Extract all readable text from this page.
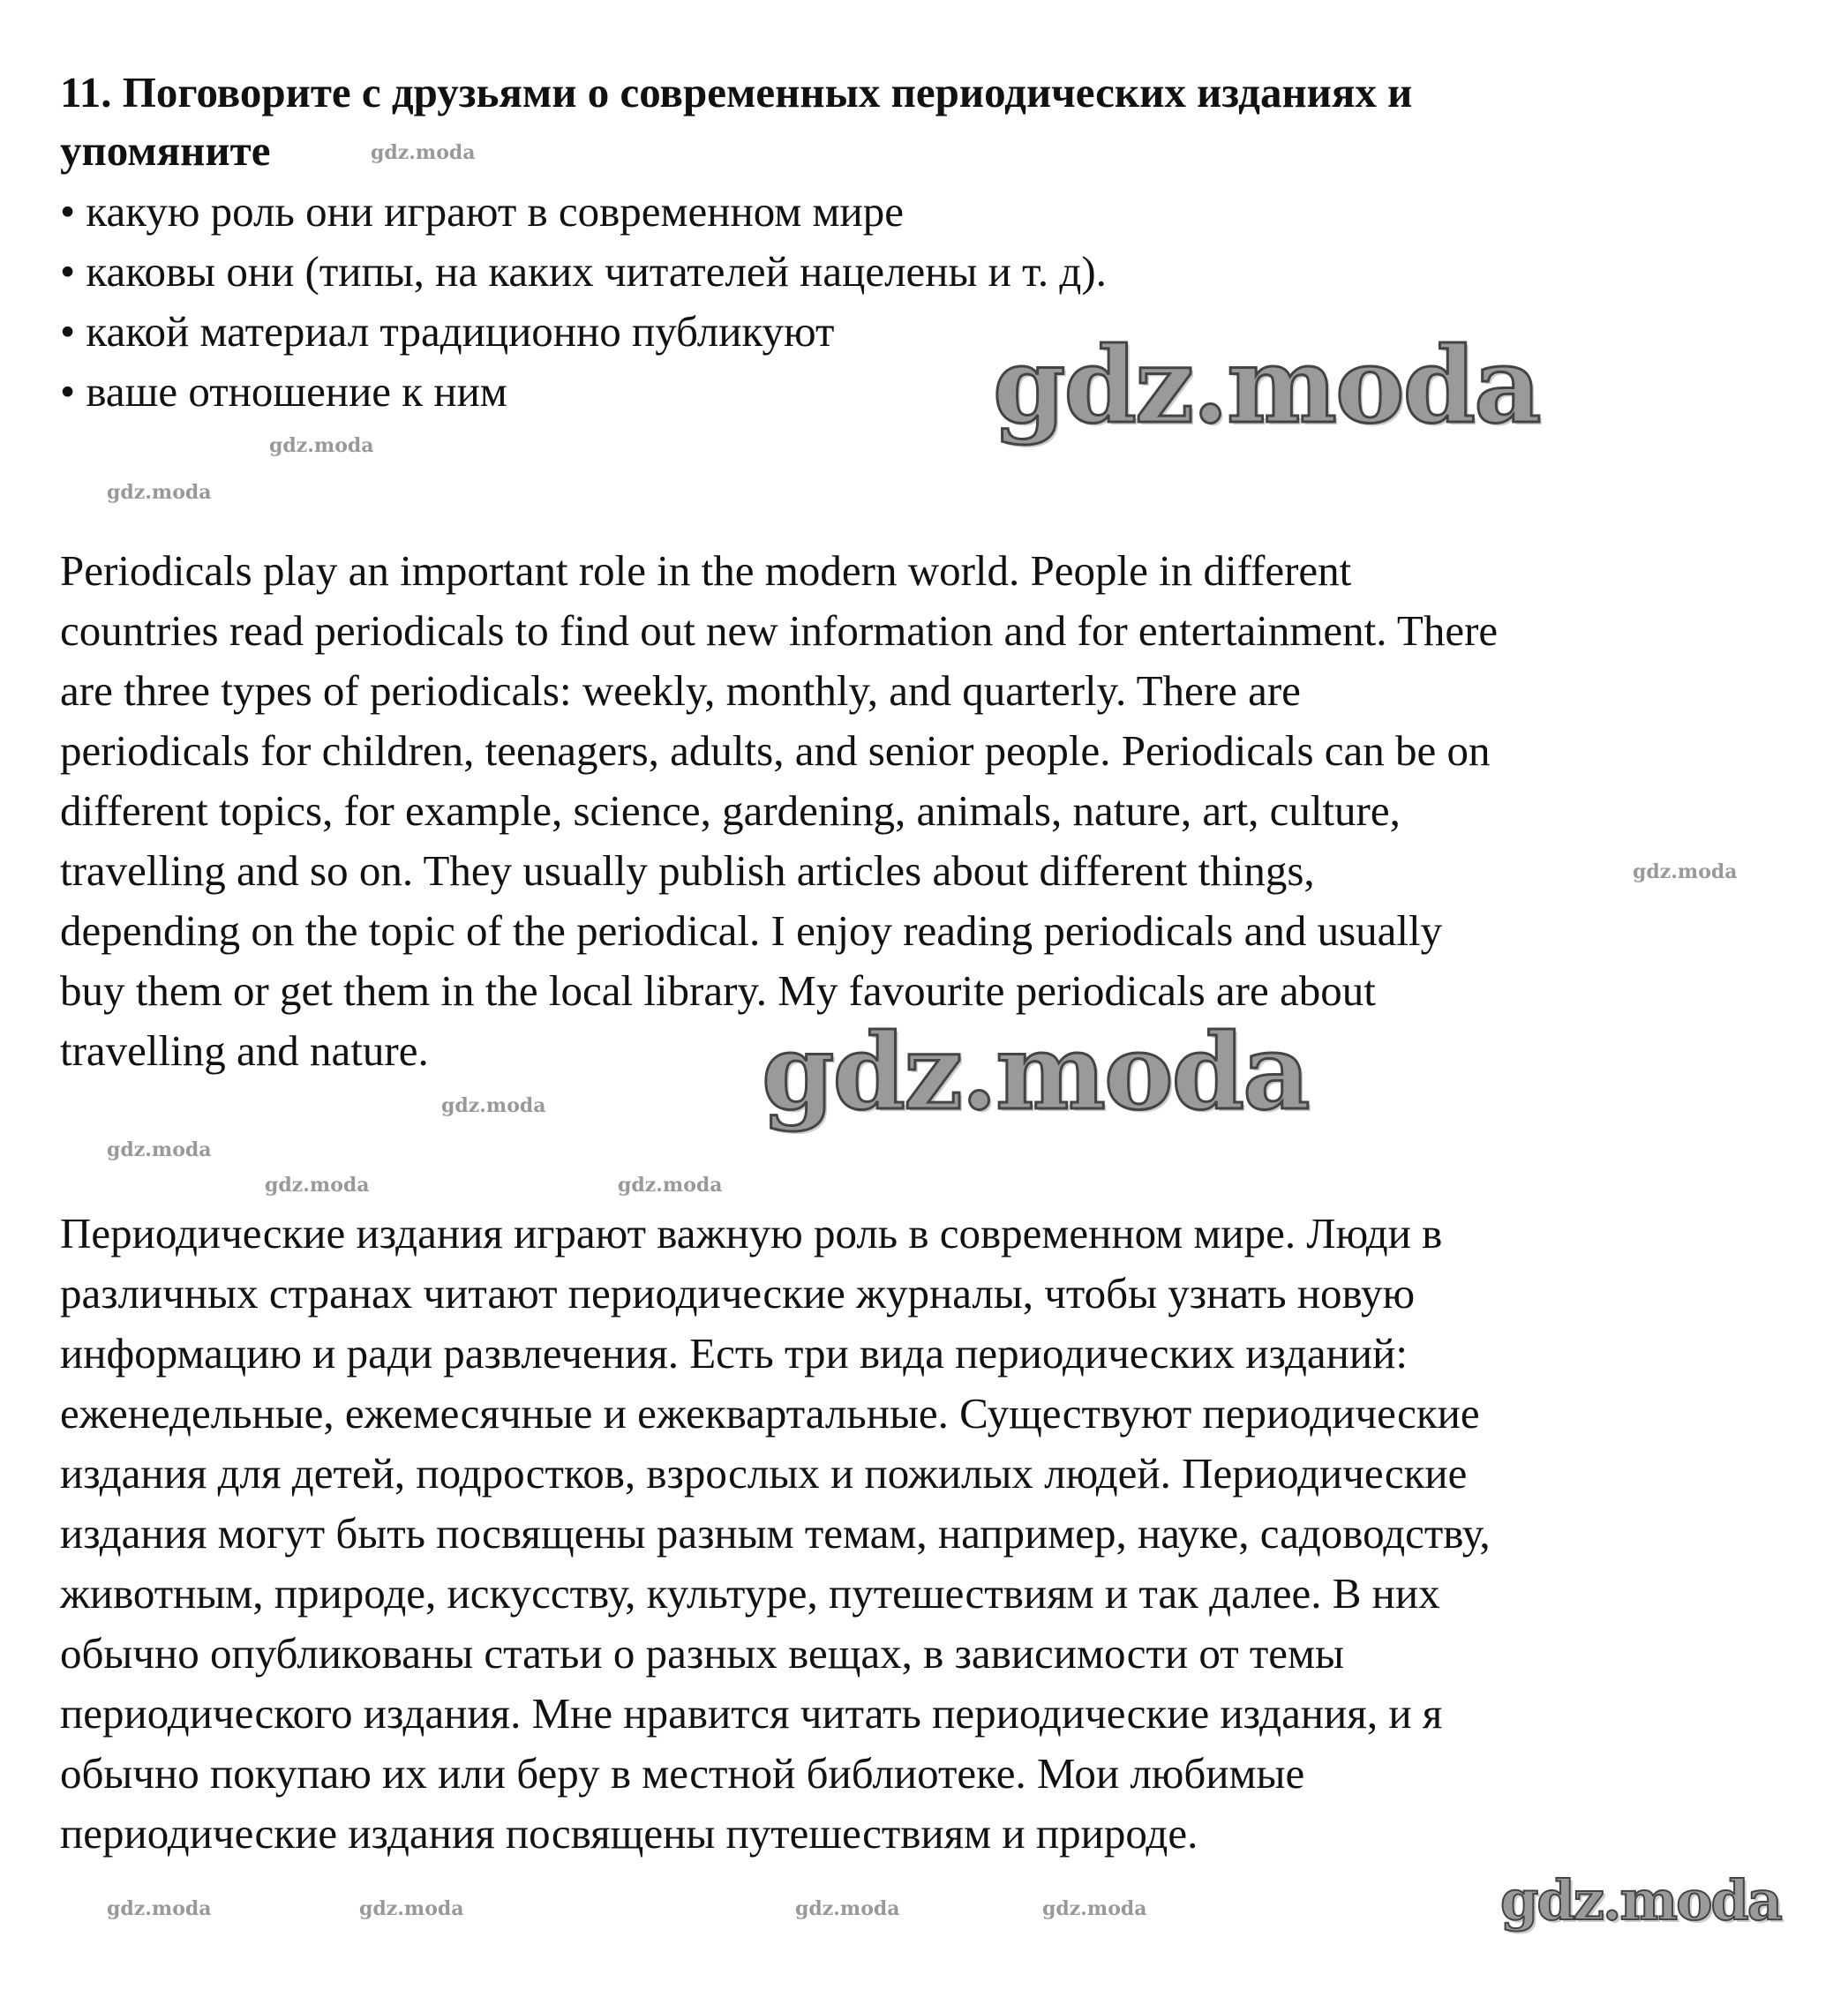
11. Поговорите с друзьями о современных периодических изданиях и
упомяните
• какую роль они играют в современном мире
• каковы они (типы, на каких читателей нацелены и т. д).
• какой материал традиционно публикуют
• ваше отношение к ним
Periodicals play an important role in the modern world. People in different
countries read periodicals to find out new information and for entertainment. There
are three types of periodicals: weekly, monthly, and quarterly. There are
periodicals for children, teenagers, adults, and senior people. Periodicals can be on
different topics, for example, science, gardening, animals, nature, art, culture,
travelling and so on. They usually publish articles about different things,
depending on the topic of the periodical. I enjoy reading periodicals and usually
buy them or get them in the local library. My favourite periodicals are about
travelling and nature.
Периодические издания играют важную роль в современном мире. Люди в
различных странах читают периодические журналы, чтобы узнать новую
информацию и ради развлечения. Есть три вида периодических изданий:
еженедельные, ежемесячные и ежеквартальные. Существуют периодические
издания для детей, подростков, взрослых и пожилых людей. Периодические
издания могут быть посвящены разным темам, например, науке, садоводству,
животным, природе, искусству, культуре, путешествиям и так далее. В них
обычно опубликованы статьи о разных вещах, в зависимости от темы
периодического издания. Мне нравится читать периодические издания, и я
обычно покупаю их или беру в местной библиотеке. Мои любимые
периодические издания посвящены путешествиям и природе.
gdz.moda
gdz.moda
gdz.moda
gdz.moda
gdz.moda
gdz.moda
gdz.moda
gdz.moda
gdz.moda
gdz.moda
gdz.moda
gdz.moda	gdz.moda	gdz.moda
gdz.moda
